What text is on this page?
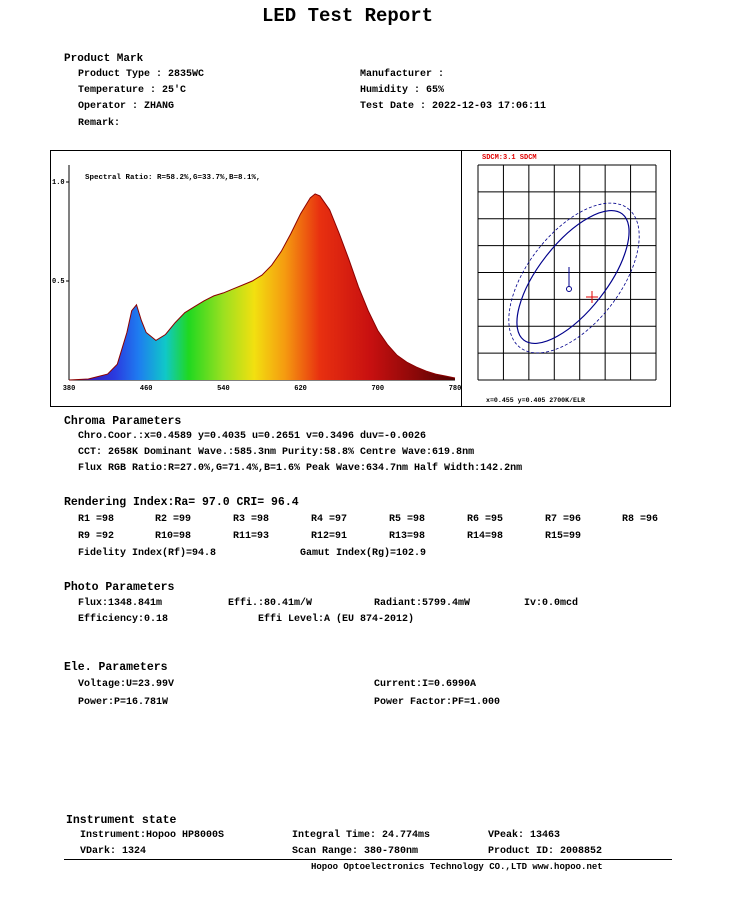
LED Test Report
Product Mark
Product Type : 2835WC	Manufacturer :
Temperature : 25'C	Humidity : 65%
Operator : ZHANG	Test Date : 2022-12-03 17:06:11
Remark:
380	460	540	620	700	780
1.0
0.5
Spectral Ratio: R=58.2%,G=33.7%,B=8.1%,
SDCM:3.1 SDCM
x=0.455 y=0.405 2700K/ELR
Chroma Parameters
Chro.Coor.:x=0.4589 y=0.4035 u=0.2651 v=0.3496 duv=-0.0026
CCT: 2658K Dominant Wave.:585.3nm Purity:58.8% Centre Wave:619.8nm
Flux RGB Ratio:R=27.0%,G=71.4%,B=1.6% Peak Wave:634.7nm Half Width:142.2nm
Rendering Index:Ra= 97.0 CRI= 96.4
R1 =98	R2 =99	R3 =98	R4 =97	R5 =98	R6 =95	R7 =96	R8 =96
R9 =92	R10=98	R11=93	R12=91	R13=98	R14=98	R15=99
Fidelity Index(Rf)=94.8	Gamut Index(Rg)=102.9
Photo Parameters
Flux:1348.841m	Effi.:80.41m/W	Radiant:5799.4mW	Iv:0.0mcd
Efficiency:0.18	Effi Level:A (EU 874-2012)
Ele. Parameters
Voltage:U=23.99V	Current:I=0.6990A
Power:P=16.781W	Power Factor:PF=1.000
Instrument state
Instrument:Hopoo HP8000S	Integral Time: 24.774ms	VPeak: 13463
VDark: 1324	Scan Range: 380-780nm	Product ID: 2008852
Hopoo Optoelectronics Technology CO.,LTD www.hopoo.net
